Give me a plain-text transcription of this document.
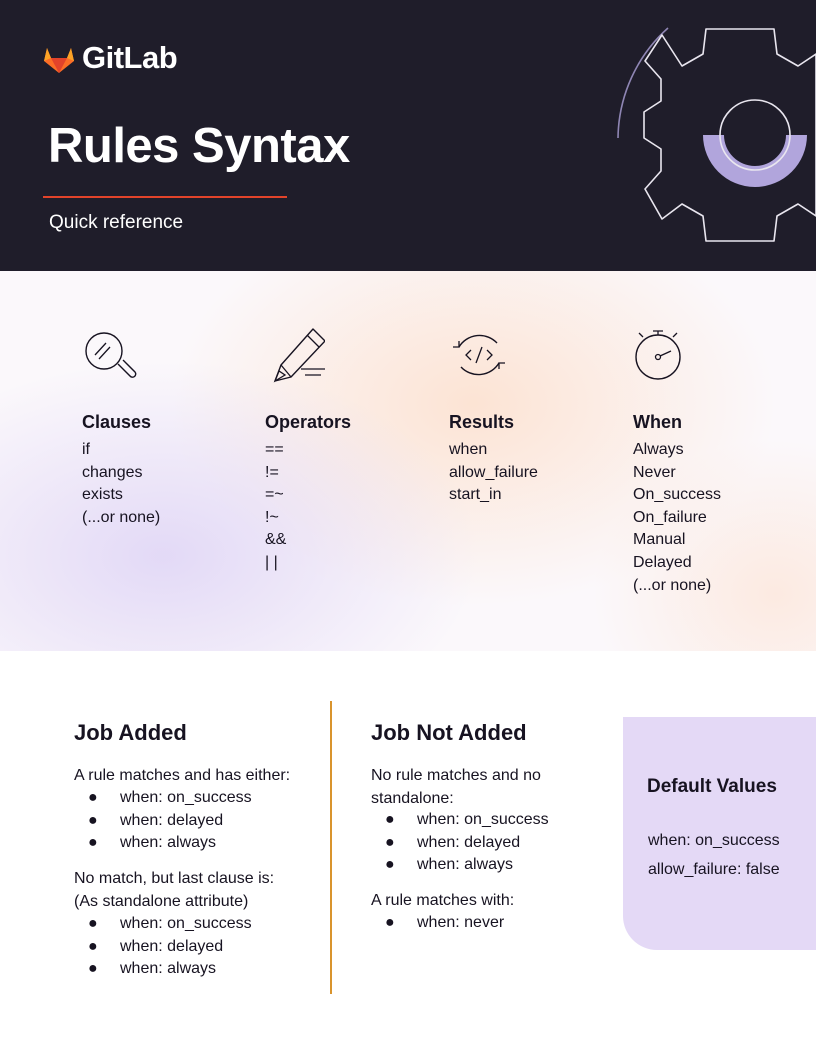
GitLab
Rules Syntax
Quick reference
Clauses
if
changes
exists
(...or none)
Operators
==
!=
=~
!~
&&
| |
Results
when
allow_failure
start_in
When
Always
Never
On_success
On_failure
Manual
Delayed
(...or none)
Job Added

A rule matches and has either:

● when: on_success
● when: delayed
● when: always

No match, but last clause is:
(As standalone attribute)

● when: on_success
● when: delayed
● when: always
Job Not Added

No rule matches and no
standalone:

● when: on_success
● when: delayed
● when: always

A rule matches with:

● when: never
Default Values
when: on_success
allow_failure: false
